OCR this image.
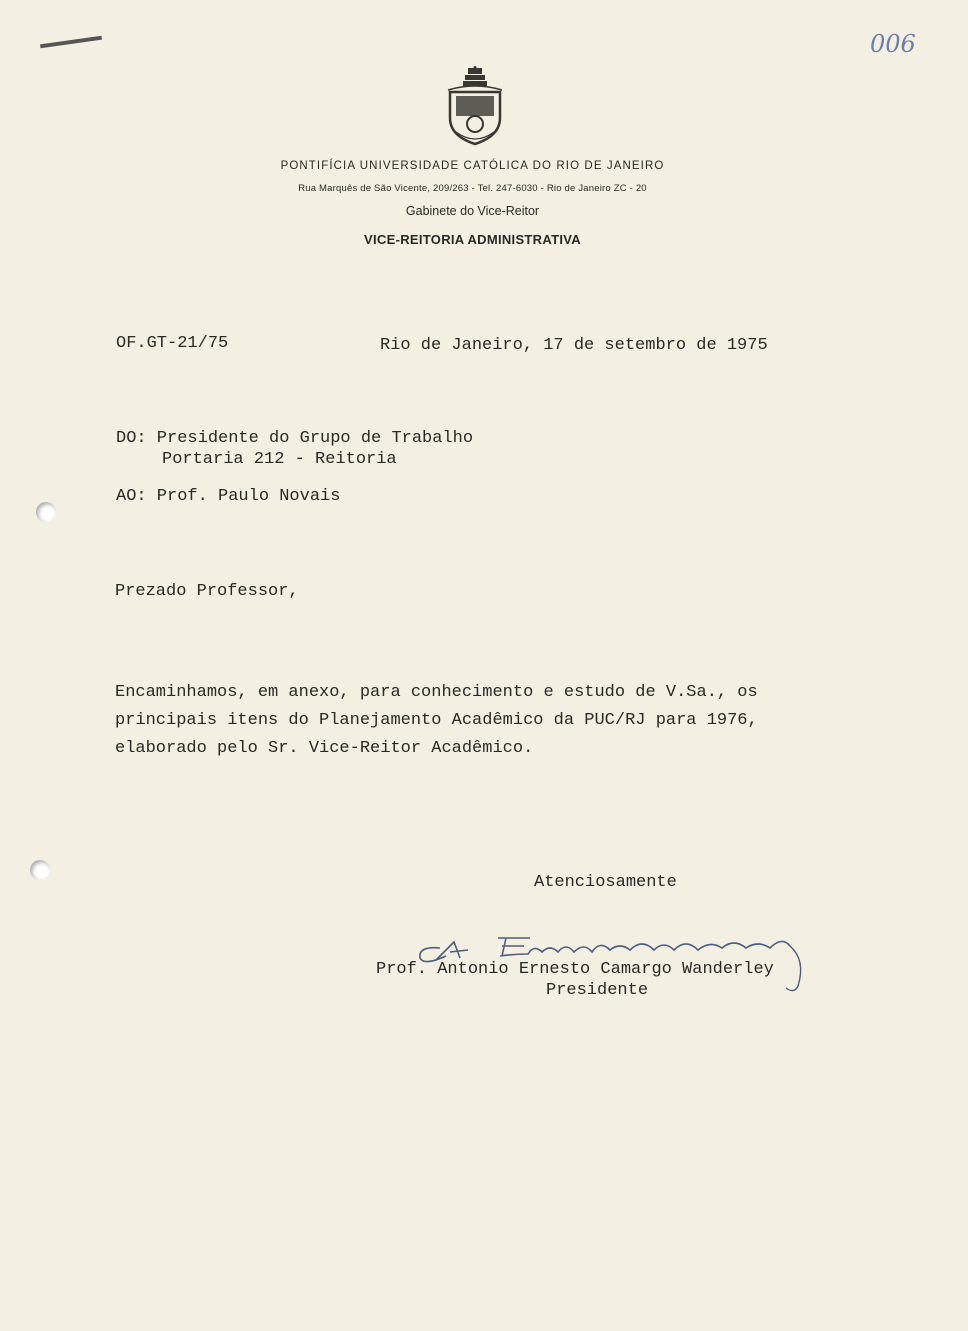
006
PONTIFÍCIA UNIVERSIDADE CATÓLICA DO RIO DE JANEIRO
Rua Marquês de São Vicente, 209/263 - Tel. 247-6030 - Rio de Janeiro ZC - 20
Gabinete do Vice-Reitor
VICE-REITORIA ADMINISTRATIVA
OF.GT-21/75	Rio de Janeiro, 17 de setembro de 1975
DO: Presidente do Grupo de Trabalho
Portaria 212 - Reitoria
AO: Prof. Paulo Novais
Prezado Professor,
Encaminhamos, em anexo, para conhecimento e estudo de V.Sa., os
principais itens do Planejamento Acadêmico da PUC/RJ para 1976,
elaborado pelo Sr. Vice-Reitor Acadêmico.
Atenciosamente
Prof. Antonio Ernesto Camargo Wanderley
Presidente
